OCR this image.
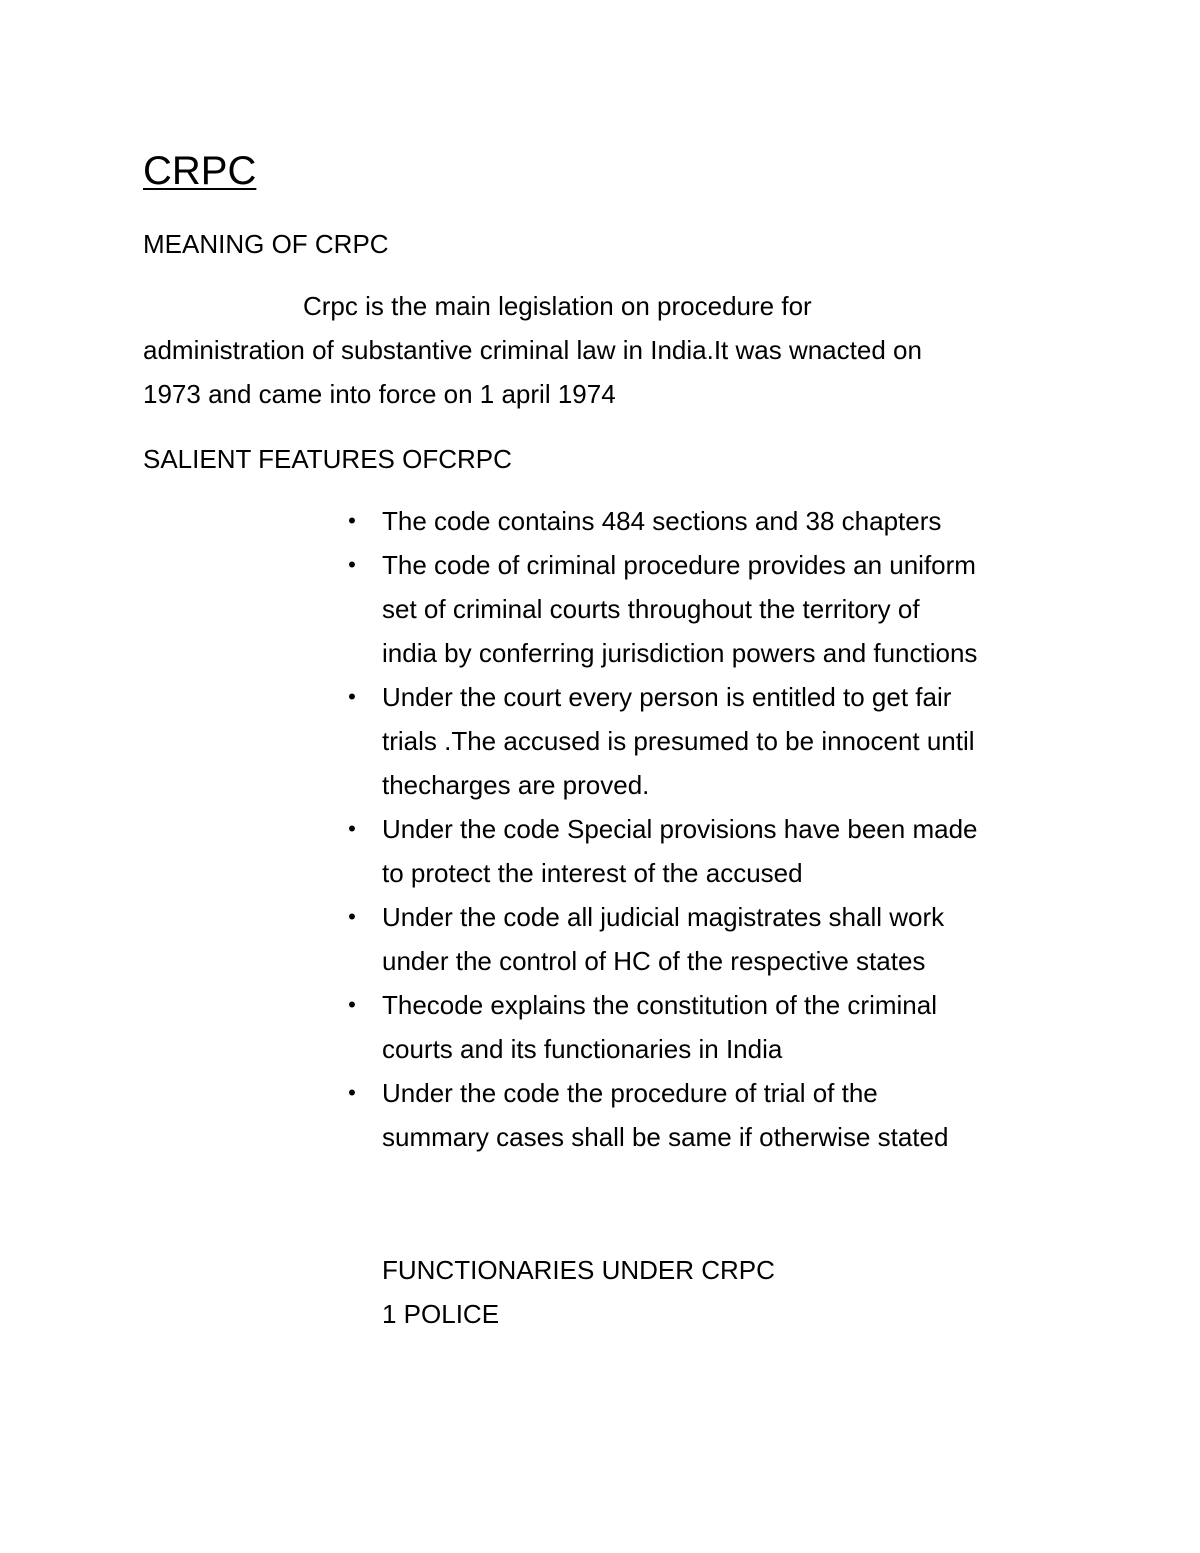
CRPC
MEANING OF CRPC

Crpc is the main legislation on procedure for
administration of substantive criminal law in India.It was wnacted on
1973 and came into force on 1 april 1974

SALIENT FEATURES OFCRPC
• The code contains 484 sections and 38 chapters
• The code of criminal procedure provides an uniform
set of criminal courts throughout the territory of
india by conferring jurisdiction powers and functions
• Under the court every person is entitled to get fair
trials .The accused is presumed to be innocent until
thecharges are proved.
• Under the code Special provisions have been made
to protect the interest of the accused
• Under the code all judicial magistrates shall work
under the control of HC of the respective states
• Thecode explains the constitution of the criminal
courts and its functionaries in India
• Under the code the procedure of trial of the
summary cases shall be same if otherwise stated

FUNCTIONARIES UNDER CRPC
1 POLICE
